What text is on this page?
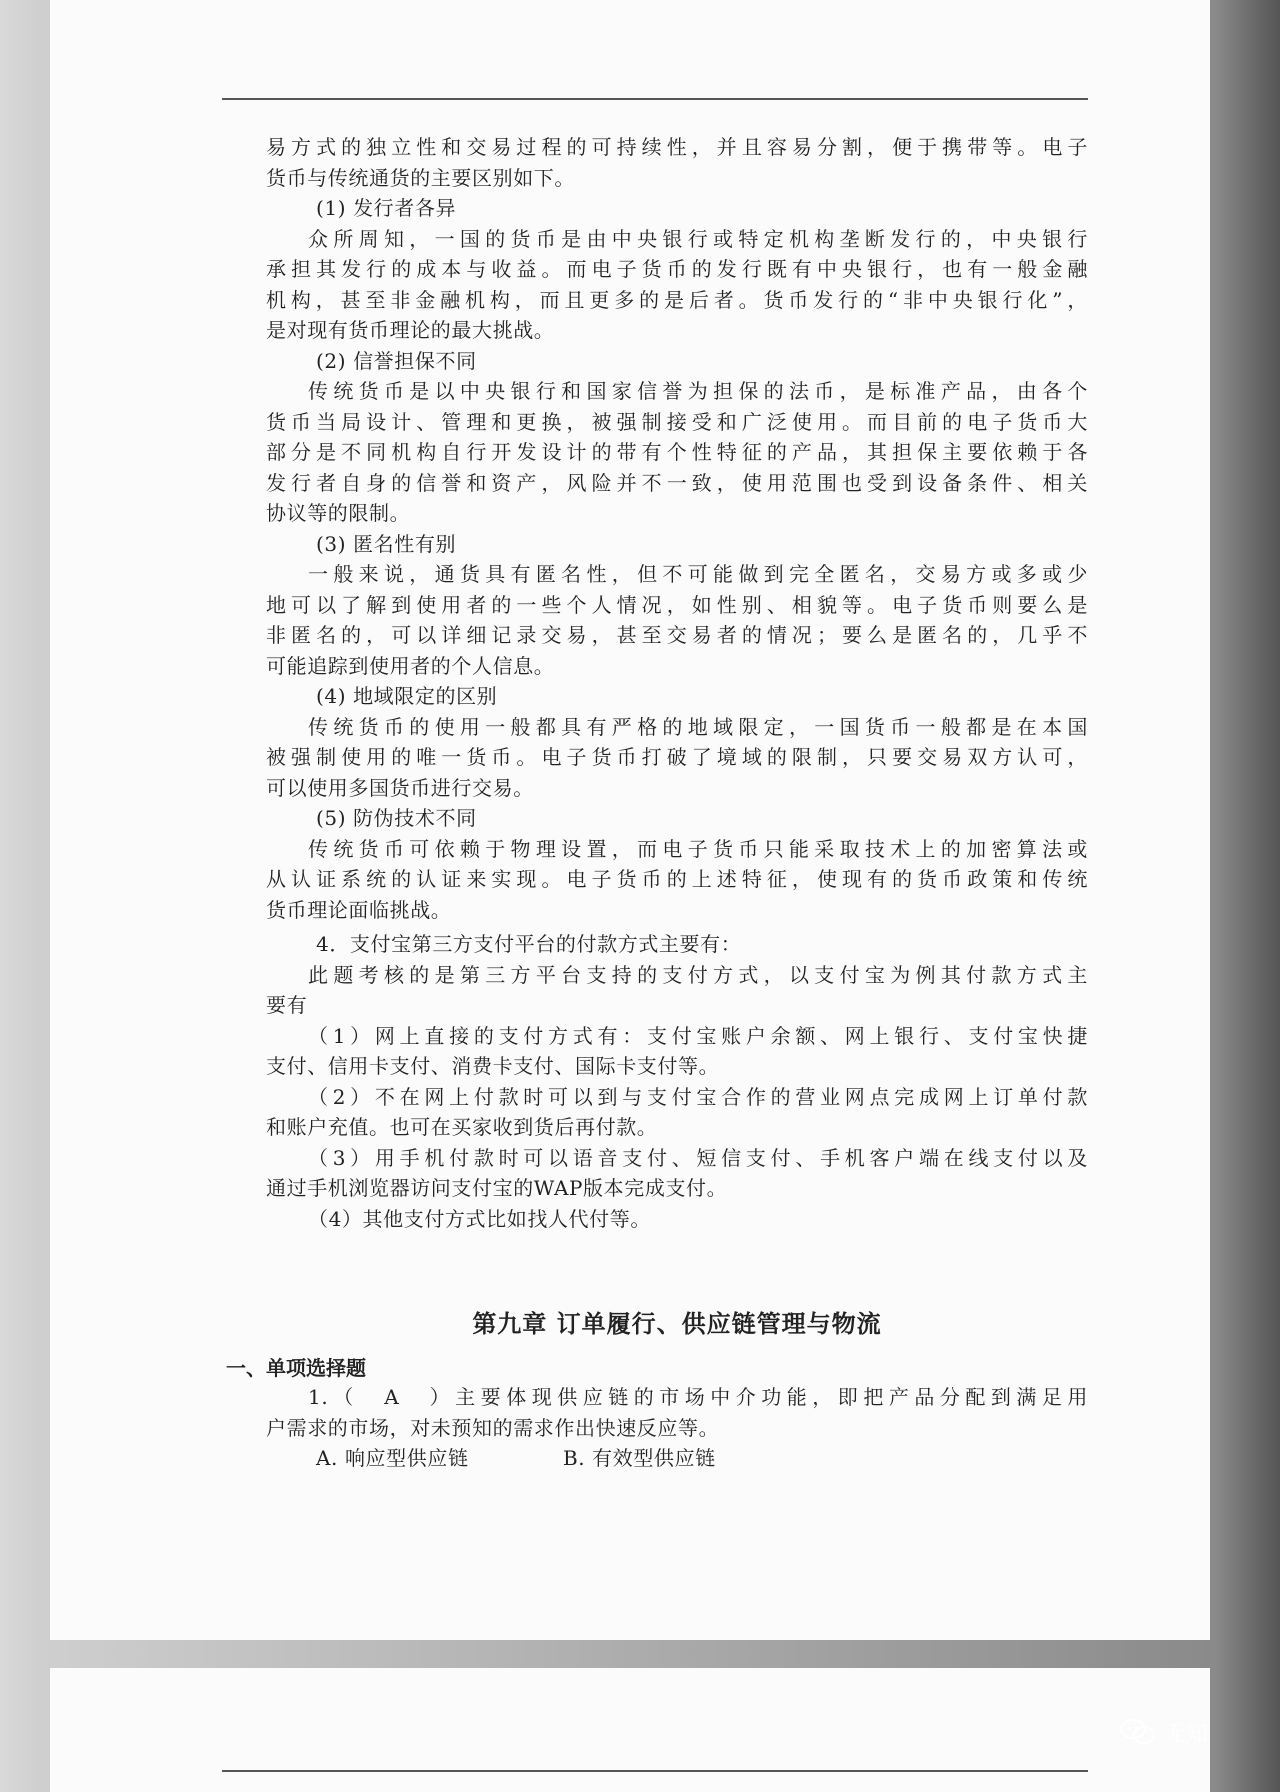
易方式的独立性和交易过程的可持续性，并且容易分割，便于携带等。电子
货币与传统通货的主要区别如下。
(1) 发行者各异
众所周知，一国的货币是由中央银行或特定机构垄断发行的，中央银行
承担其发行的成本与收益。而电子货币的发行既有中央银行，也有一般金融
机构，甚至非金融机构，而且更多的是后者。货币发行的“非中央银行化”，
是对现有货币理论的最大挑战。
(2) 信誉担保不同
传统货币是以中央银行和国家信誉为担保的法币，是标准产品，由各个
货币当局设计、管理和更换，被强制接受和广泛使用。而目前的电子货币大
部分是不同机构自行开发设计的带有个性特征的产品，其担保主要依赖于各
发行者自身的信誉和资产，风险并不一致，使用范围也受到设备条件、相关
协议等的限制。
(3) 匿名性有别
一般来说，通货具有匿名性，但不可能做到完全匿名，交易方或多或少
地可以了解到使用者的一些个人情况，如性别、相貌等。电子货币则要么是
非匿名的，可以详细记录交易，甚至交易者的情况；要么是匿名的，几乎不
可能追踪到使用者的个人信息。
(4) 地域限定的区别
传统货币的使用一般都具有严格的地域限定，一国货币一般都是在本国
被强制使用的唯一货币。电子货币打破了境域的限制，只要交易双方认可，
可以使用多国货币进行交易。
(5) 防伪技术不同
传统货币可依赖于物理设置，而电子货币只能采取技术上的加密算法或
从认证系统的认证来实现。电子货币的上述特征，使现有的货币政策和传统
货币理论面临挑战。
4．支付宝第三方支付平台的付款方式主要有：
此题考核的是第三方平台支持的支付方式，以支付宝为例其付款方式主
要有
（1）网上直接的支付方式有：支付宝账户余额、网上银行、支付宝快捷
支付、信用卡支付、消费卡支付、国际卡支付等。
（2）不在网上付款时可以到与支付宝合作的营业网点完成网上订单付款
和账户充值。也可在买家收到货后再付款。
（3）用手机付款时可以语音支付、短信支付、手机客户端在线支付以及
通过手机浏览器访问支付宝的WAP版本完成支付。
（4）其他支付方式比如找人代付等。
第九章 订单履行、供应链管理与物流
一、单项选择题
1.（　A　）主要体现供应链的市场中介功能，即把产品分配到满足用
户需求的市场，对未预知的需求作出快速反应等。
A. 响应型供应链	B. 有效型供应链
无知
